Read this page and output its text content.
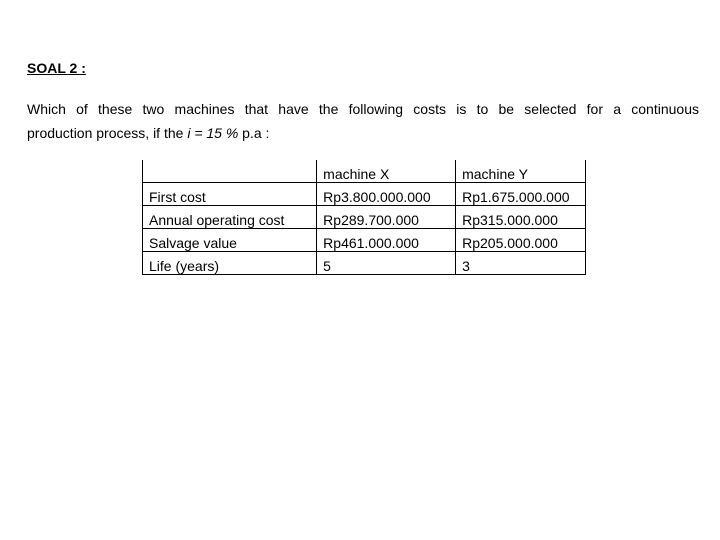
SOAL 2 :
Which of these two machines that have the following costs is to be selected for a continuous
production process, if the i = 15 % p.a :
	machine X	machine Y
First cost	Rp3.800.000.000	Rp1.675.000.000
Annual operating cost	Rp289.700.000	Rp315.000.000
Salvage value	Rp461.000.000	Rp205.000.000
Life (years)	5	3
